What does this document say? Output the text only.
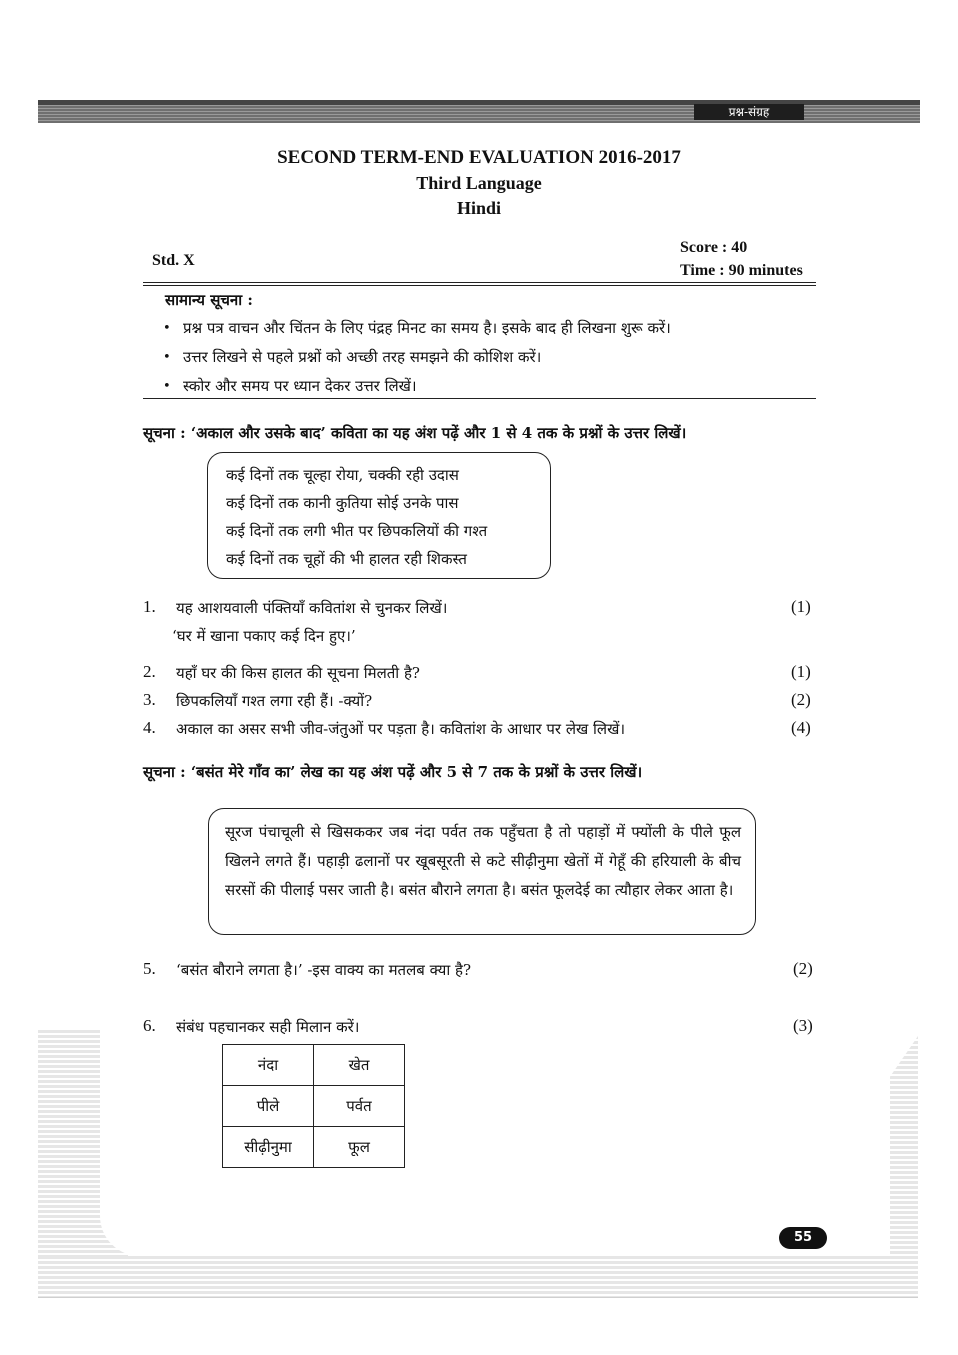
प्रश्न-संग्रह
SECOND TERM-END EVALUATION 2016-2017
Third Language
Hindi
Std. X
Score : 40
Time : 90 minutes
सामान्य सूचना :
• प्रश्न पत्र वाचन और चिंतन के लिए पंद्रह मिनट का समय है। इसके बाद ही लिखना शुरू करें।
• उत्तर लिखने से पहले प्रश्नों को अच्छी तरह समझने की कोशिश करें।
• स्कोर और समय पर ध्यान देकर उत्तर लिखें।
सूचना : ‘अकाल और उसके बाद’ कविता का यह अंश पढ़ें और 1 से 4 तक के प्रश्नों के उत्तर लिखें।
कई दिनों तक चूल्हा रोया, चक्की रही उदास
कई दिनों तक कानी कुतिया सोई उनके पास
कई दिनों तक लगी भीत पर छिपकलियों की गश्त
कई दिनों तक चूहों की भी हालत रही शिकस्त
1. यह आशयवाली पंक्तियाँ कवितांश से चुनकर लिखें।
‘घर में खाना पकाए कई दिन हुए।’
(1)
2. यहाँ घर की किस हालत की सूचना मिलती है?	(1)
3. छिपकलियाँ गश्त लगा रही हैं। -क्यों?	(2)
4. अकाल का असर सभी जीव-जंतुओं पर पड़ता है। कवितांश के आधार पर लेख लिखें।	(4)
सूचना : ‘बसंत मेरे गाँव का’ लेख का यह अंश पढ़ें और 5 से 7 तक के प्रश्नों के उत्तर लिखें।
सूरज पंचाचूली से खिसककर जब नंदा पर्वत तक पहुँचता है तो पहाड़ों में फ्योंली के पीले फूल खिलने लगते हैं। पहाड़ी ढलानों पर खूबसूरती से कटे सीढ़ीनुमा खेतों में गेहूँ की हरियाली के बीच सरसों की पीलाई पसर जाती है। बसंत बौराने लगता है। बसंत फूलदेई का त्यौहार लेकर आता है।
5. ‘बसंत बौराने लगता है।’ -इस वाक्य का मतलब क्या है?	(2)
6. संबंध पहचानकर सही मिलान करें।	(3)
नंदा	खेत
पीले	पर्वत
सीढ़ीनुमा	फूल
55
